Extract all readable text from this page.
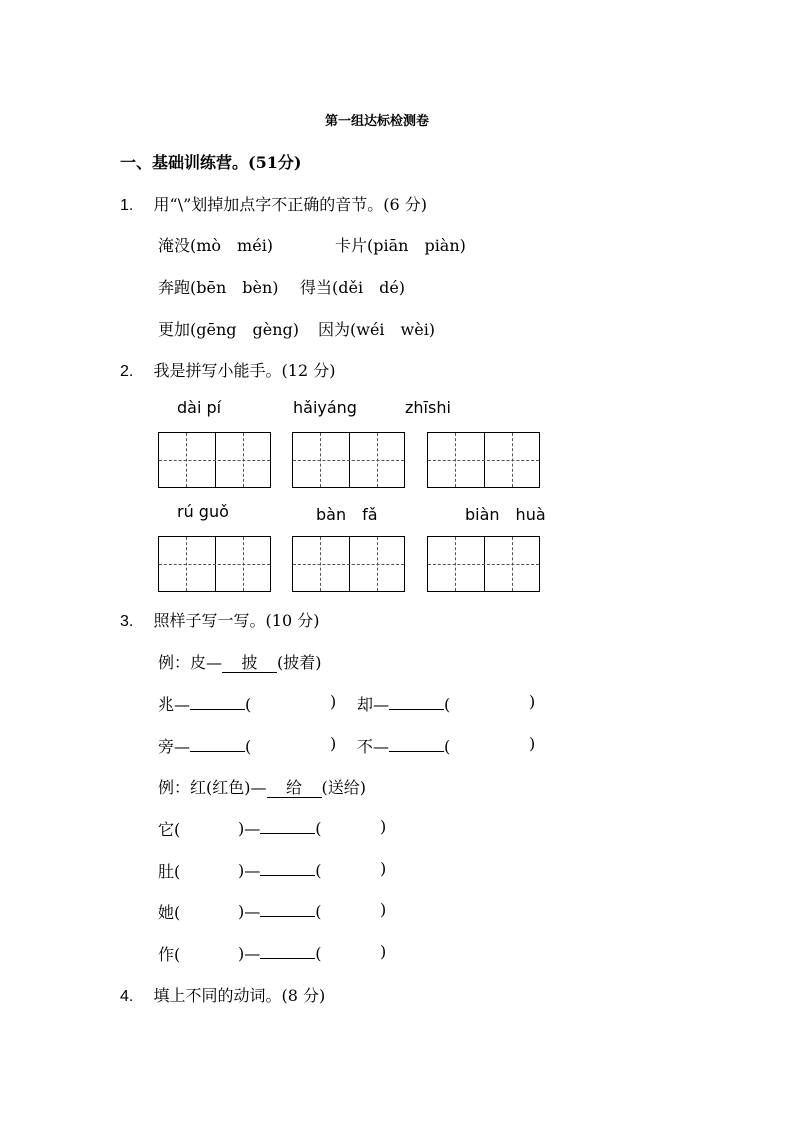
第一组达标检测卷
一、基础训练营。(51分)
1. 用“\”划掉加点字不正确的音节。(6 分)
淹没(mò　méi)	卡片(piān　piàn)
奔跑(bēn　bèn) 得当(děi　dé)
更加(gēng　gèng) 因为(wéi　wèi)
2. 我是拼写小能手。(12 分)
dài pí	hǎiyáng	zhīshi
rú guǒ	bàn　fǎ	biàn　huà
3. 照样子写一写。(10 分)
例：皮— 披 (披着)
兆—	(	) 却—	(	)
旁—	(	) 不—	(	)
例：红(红色)— 给 (送给)
它(	)—	(	)
肚(	)—	(	)
她(	)—	(	)
作(	)—	(	)
4. 填上不同的动词。(8 分)
